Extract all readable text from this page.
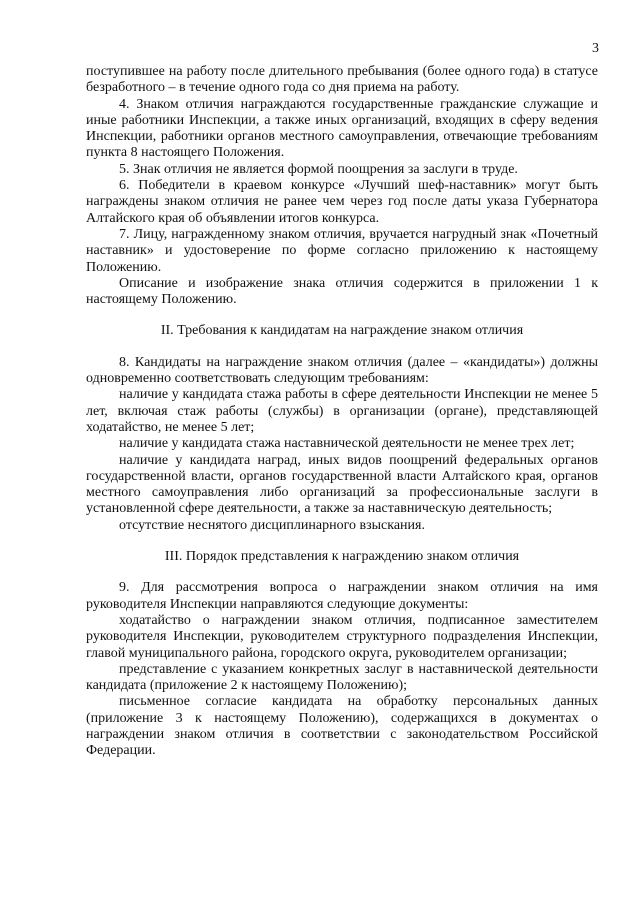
3

поступившее на работу после длительного пребывания (более одного года) в статусе безработного – в течение одного года со дня приема на работу.

4. Знаком отличия награждаются государственные гражданские служащие и иные работники Инспекции, а также иных организаций, входящих в сферу ведения Инспекции, работники органов местного самоуправления, отвечающие требованиям пункта 8 настоящего Положения.

5. Знак отличия не является формой поощрения за заслуги в труде.

6. Победители в краевом конкурсе «Лучший шеф-наставник» могут быть награждены знаком отличия не ранее чем через год после даты указа Губернатора Алтайского края об объявлении итогов конкурса.

7. Лицу, награжденному знаком отличия, вручается нагрудный знак «Почетный наставник» и удостоверение по форме согласно приложению к настоящему Положению.

Описание и изображение знака отличия содержится в приложении 1 к настоящему Положению.

II. Требования к кандидатам на награждение знаком отличия

8. Кандидаты на награждение знаком отличия (далее – «кандидаты») должны одновременно соответствовать следующим требованиям:

наличие у кандидата стажа работы в сфере деятельности Инспекции не менее 5 лет, включая стаж работы (службы) в организации (органе), представляющей ходатайство, не менее 5 лет;

наличие у кандидата стажа наставнической деятельности не менее трех лет;

наличие у кандидата наград, иных видов поощрений федеральных органов государственной власти, органов государственной власти Алтайского края, органов местного самоуправления либо организаций за профессиональные заслуги в установленной сфере деятельности, а также за наставническую деятельность;

отсутствие неснятого дисциплинарного взыскания.

III. Порядок представления к награждению знаком отличия

9. Для рассмотрения вопроса о награждении знаком отличия на имя руководителя Инспекции направляются следующие документы:

ходатайство о награждении знаком отличия, подписанное заместителем руководителя Инспекции, руководителем структурного подразделения Инспекции, главой муниципального района, городского округа, руководителем организации;

представление с указанием конкретных заслуг в наставнической деятельности кандидата (приложение 2 к настоящему Положению);

письменное согласие кандидата на обработку персональных данных (приложение 3 к настоящему Положению), содержащихся в документах о награждении знаком отличия в соответствии с законодательством Российской Федерации.
